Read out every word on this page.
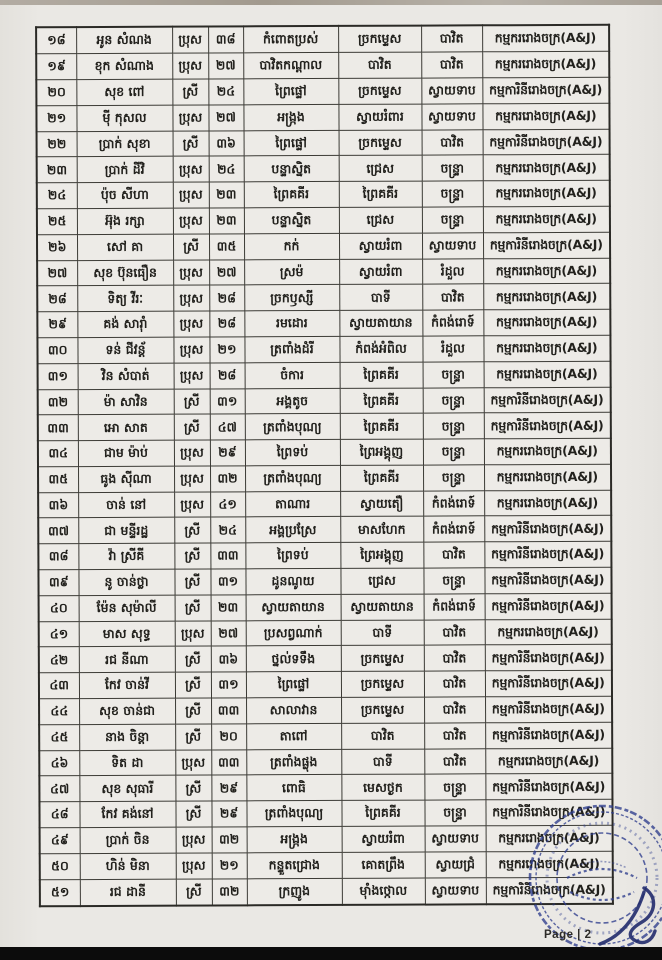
១៨	អូន សំណង	ប្រុស	៣៨	កំពោតប្រស់	ច្រកម្ទេស	បាវិត	កម្មកររោងចក្រ(A&J)
១៩	ខុក សំណាង	ប្រុស	២៧	បាវិតកណ្តាល	បាវិត	បាវិត	កម្មកររោងចក្រ(A&J)
២០	សុខ ពៅ	ស្រី	២៤	ព្រៃផ្ទៅ	ច្រកម្ទេស	ស្វាយទាប	កម្មការិនីរោងចក្រ(A&J)
២១	ម៉ី កុសល	ប្រុស	២៧	អង្រ្កង	ស្វាយរំពារ	ស្វាយទាប	កម្មកររោងចក្រ(A&J)
២២	ប្រាក់ សុខា	ស្រី	៣៦	ព្រៃផ្ទៅ	ច្រកម្ទេស	បាវិត	កម្មការិនីរោងចក្រ(A&J)
២៣	ប្រាក់ ដីវិ	ប្រុស	២៤	បន្ទាស្និត	ជ្រេស	ចន្ទ្រា	កម្មកររោងចក្រ(A&J)
២៤	ប៉ុច សីហា	ប្រុស	២៣	ព្រៃគគីរ	ព្រៃគគីរ	ចន្ទ្រា	កម្មកររោងចក្រ(A&J)
២៥	អ៊ុង រក្សា	ប្រុស	២៣	បន្ទាស្និត	ជ្រេស	ចន្ទ្រា	កម្មកររោងចក្រ(A&J)
២៦	សៅ គា	ស្រី	៣៥	កក់	ស្វាយរំពា	ស្វាយទាប	កម្មការិនីរោងចក្រ(A&J)
២៧	សុខ ប៊ុនធឿន	ប្រុស	២៧	ស្រម៉	ស្វាយរំពា	រំដួល	កម្មកររោងចក្រ(A&J)
២៨	ទិត្យ វីរៈ	ប្រុស	២៨	ច្រកឫស្សី	បាទី	បាវិត	កម្មកររោងចក្រ(A&J)
២៩	គង់ សារ៉ាំ	ប្រុស	២៨	រមដោរ	ស្វាយតាយាន	កំពង់រោទ៍	កម្មកររោងចក្រ(A&J)
៣០	ទន់ ជីវន្ត័	ប្រុស	២១	ត្រពាំងដំរី	កំពង់អំពិល	រំដួល	កម្មកររោងចក្រ(A&J)
៣១	វិន សំបាត់	ប្រុស	២៨	ចំការ	ព្រៃគគីរ	ចន្ទ្រា	កម្មកររោងចក្រ(A&J)
៣២	ម៉ា សាវិន	ស្រី	៣១	អង្គតូច	ព្រៃគគីរ	ចន្ទ្រា	កម្មការិនីរោងចក្រ(A&J)
៣៣	អោ សាត	ស្រី	៤៧	ត្រពាំងបុណ្យ	ព្រៃគគីរ	ចន្ទ្រា	កម្មការិនីរោងចក្រ(A&J)
៣៤	ជាម ម៉ាប់	ប្រុស	២៩	ព្រៃទប់	ព្រៃអង្គុញ	ចន្ទ្រា	កម្មកររោងចក្រ(A&J)
៣៥	ធូង ស៊ីណា	ប្រុស	៣២	ត្រពាំងបុណ្យ	ព្រៃគគីរ	ចន្ទ្រា	កម្មកររោងចក្រ(A&J)
៣៦	ចាន់ នៅ	ប្រុស	៤១	តាណារ	ស្វាយតឿ	កំពង់រោទ៍	កម្មកររោងចក្រ(A&J)
៣៧	ជា មន្ទីរដ្ឋ	ស្រី	២៤	អង្គប្រស្រែ	មាសហែក	កំពង់រោទ៍	កម្មការិនីរោងចក្រ(A&J)
៣៨	វ៉ា ស្រីគី	ស្រី	៣៣	ព្រៃទប់	ព្រៃអង្គុញ	បាវិត	កម្មការិនីរោងចក្រ(A&J)
៣៩	នូ ចាន់ថ្លា	ស្រី	៣១	ដូនណូយ	ជ្រេស	ចន្ទ្រា	កម្មការិនីរោងចក្រ(A&J)
៤០	ម៉ែន សុម៉ាលី	ស្រី	២៣	ស្វាយតាយាន	ស្វាយតាយាន	កំពង់រោទ៍	កម្មការិនីរោងចក្រ(A&J)
៤១	មាស សុទ្ធ	ប្រុស	២៧	ប្រសព្វណាក់	បាទី	បាវិត	កម្មកររោងចក្រ(A&J)
៤២	រជ នីណា	ស្រី	៣៦	ថ្នល់ទទឹង	ច្រកម្ទេស	បាវិត	កម្មការិនីរោងចក្រ(A&J)
៤៣	កែវ ចាន់វី	ស្រី	៣១	ព្រៃផ្ទៅ	ច្រកម្ទេស	បាវិត	កម្មការិនីរោងចក្រ(A&J)
៤៤	សុខ ចាន់ជា	ស្រី	៣៣	សាលាវាន	ច្រកម្ទេស	បាវិត	កម្មការិនីរោងចក្រ(A&J)
៤៥	នាង ចិន្តា	ស្រី	២០	តាពៅ	បាវិត	បាវិត	កម្មការិនីរោងចក្រ(A&J)
៤៦	ទិត ដា	ប្រុស	៣៣	ត្រពាំងផ្លុង	បាទី	បាវិត	កម្មកររោងចក្រ(A&J)
៤៧	សុខ សុធារី	ស្រី	២៩	ពោធិ	មេសថ្ងក	ចន្ទ្រា	កម្មការិនីរោងចក្រ(A&J)
៤៨	កែវ គង់នៅ	ស្រី	២៩	ត្រពាំងបុណ្យ	ព្រៃគគីរ	ចន្ទ្រា	កម្មការិនីរោងចក្រ(A&J)
៤៩	ប្រាក់ ចិន	ប្រុស	៣២	អង្រ្កង	ស្វាយរំពា	ស្វាយទាប	កម្មកររោងចក្រ(A&J)
៥០	ហិន់ មិនា	ប្រុស	២១	កន្ទួតជ្រោង	គោតព្រឹង	ស្វាយជ្រំ	កម្មកររោងចក្រ(A&J)
៥១	រជ ដានី	ស្រី	៣២	ក្រញូង	ម៉ាំងថ្កោល	ស្វាយទាប	កម្មការិនីរោងចក្រ(A&J)
Page | 2
